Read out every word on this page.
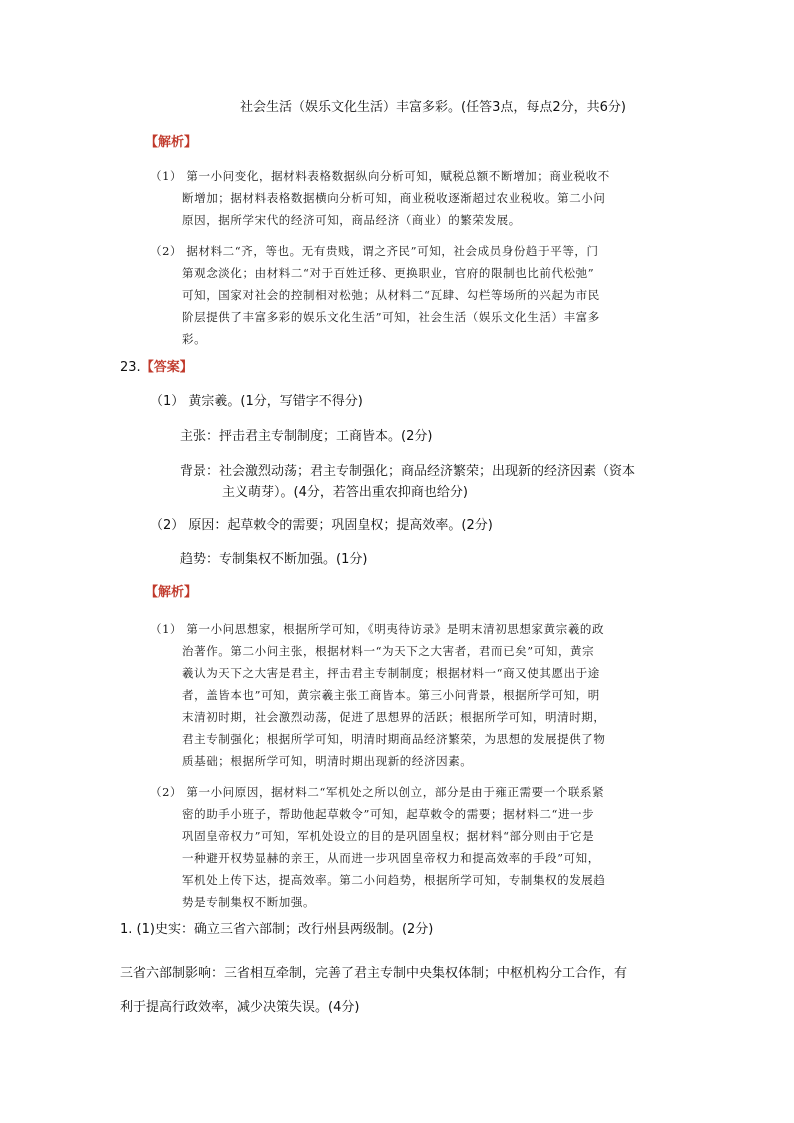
社会生活（娱乐文化生活）丰富多彩。(任答3点，每点2分，共6分)
【解析】
（1） 第一小问变化，据材料表格数据纵向分析可知，赋税总额不断增加；商业税收不
断增加；据材料表格数据横向分析可知，商业税收逐渐超过农业税收。第二小问
原因，据所学宋代的经济可知，商品经济（商业）的繁荣发展。
（2） 据材料二“齐，等也。无有贵贱，谓之齐民”可知，社会成员身份趋于平等，门
第观念淡化；由材料二“对于百姓迁移、更换职业，官府的限制也比前代松弛”
可知，国家对社会的控制相对松弛；从材料二“瓦肆、勾栏等场所的兴起为市民
阶层提供了丰富多彩的娱乐文化生活”可知，社会生活（娱乐文化生活）丰富多
彩。
23.【答案】
（1） 黄宗羲。(1分，写错字不得分)
主张：抨击君主专制制度；工商皆本。(2分)
背景：社会激烈动荡；君主专制强化；商品经济繁荣；出现新的经济因素（资本
主义萌芽）。(4分，若答出重农抑商也给分)
（2） 原因：起草敕令的需要；巩固皇权；提高效率。(2分)
趋势：专制集权不断加强。(1分)
【解析】
（1） 第一小问思想家，根据所学可知，《明夷待访录》是明末清初思想家黄宗羲的政
治著作。第二小问主张，根据材料一“为天下之大害者，君而已矣”可知，黄宗
羲认为天下之大害是君主，抨击君主专制制度；根据材料一“商又使其愿出于途
者，盖皆本也”可知，黄宗羲主张工商皆本。第三小问背景，根据所学可知，明
末清初时期，社会激烈动荡，促进了思想界的活跃；根据所学可知，明清时期，
君主专制强化；根据所学可知，明清时期商品经济繁荣，为思想的发展提供了物
质基础；根据所学可知，明清时期出现新的经济因素。
（2） 第一小问原因，据材料二“军机处之所以创立，部分是由于雍正需要一个联系紧
密的助手小班子，帮助他起草敕令”可知，起草敕令的需要；据材料二“进一步
巩固皇帝权力”可知，军机处设立的目的是巩固皇权；据材料“部分则由于它是
一种避开权势显赫的亲王，从而进一步巩固皇帝权力和提高效率的手段”可知，
军机处上传下达，提高效率。第二小问趋势，根据所学可知，专制集权的发展趋
势是专制集权不断加强。
1. (1)史实：确立三省六部制；改行州县两级制。(2分)
三省六部制影响：三省相互牵制，完善了君主专制中央集权体制；中枢机构分工合作，有
利于提高行政效率，减少决策失误。(4分)
